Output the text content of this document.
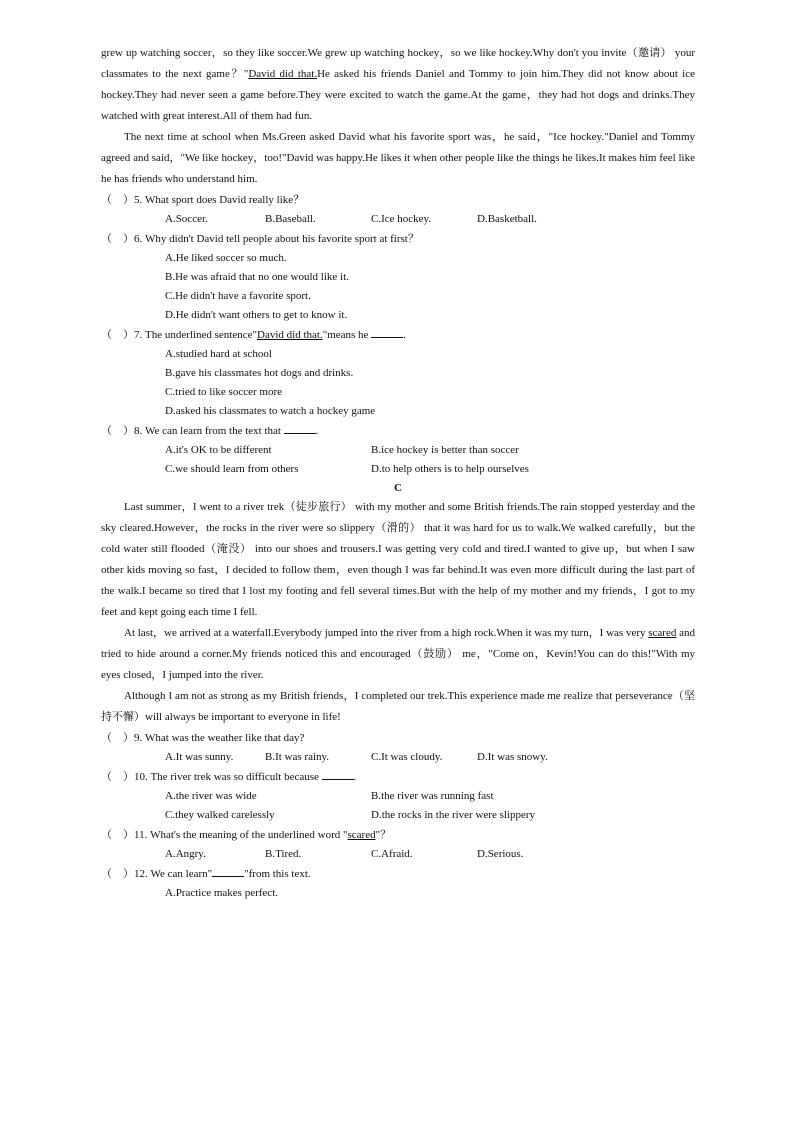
grew up watching soccer，so they like soccer.We grew up watching hockey，so we like hockey.Why don't you invite（邀请） your classmates to the next game？"David did that.He asked his friends Daniel and Tommy to join him.They did not know about ice hockey.They had never seen a game before.They were excited to watch the game.At the game，they had hot dogs and drinks.They watched with great interest.All of them had fun.

The next time at school when Ms.Green asked David what his favorite sport was，he said，"Ice hockey."Daniel and Tommy agreed and said，"We like hockey，too!"David was happy.He likes it when other people like the things he likes.It makes him feel like he has friends who understand him.

（　）5. What sport does David really like？

A.Soccer.	B.Baseball.	C.Ice hockey.	D.Basketball.

（　）6. Why didn't David tell people about his favorite sport at first？

A.He liked soccer so much.

B.He was afraid that no one would like it.

C.He didn't have a favorite sport.

D.He didn't want others to get to know it.

（　）7. The underlined sentence"David did that."means he	.

A.studied hard at school

B.gave his classmates hot dogs and drinks.

C.tried to like soccer more

D.asked his classmates to watch a hockey game

（　）8. We can learn from the text that	.

A.it's OK to be different	B.ice hockey is better than soccer
C.we should learn from others	D.to help others is to help ourselves

C

Last summer，I went to a river trek（徒步旅行） with my mother and some British friends.The rain stopped yesterday and the sky cleared.However，the rocks in the river were so slippery（滑的） that it was hard for us to walk.We walked carefully，but the cold water still flooded（淹没） into our shoes and trousers.I was getting very cold and tired.I wanted to give up，but when I saw other kids moving so fast，I decided to follow them，even though I was far behind.It was even more difficult during the last part of the walk.I became so tired that I lost my footing and fell several times.But with the help of my mother and my friends，I got to my feet and kept going each time I fell.

At last，we arrived at a waterfall.Everybody jumped into the river from a high rock.When it was my turn，I was very scared and tried to hide around a corner.My friends noticed this and encouraged（鼓励） me，"Come on，Kevin!You can do this!"With my eyes closed，I jumped into the river.

Although I am not as strong as my British friends，I completed our trek.This experience made me realize that perseverance（坚持不懈）will always be important to everyone in life!

（　）9. What was the weather like that day?

A.It was sunny.	B.It was rainy.	C.It was cloudy.	D.It was snowy.

（　）10. The river trek was so difficult because	.

A.the river was wide	B.the river was running fast
C.they walked carelessly	D.the rocks in the river were slippery

（　）11. What's the meaning of the underlined word "scared"？

A.Angry.	B.Tired.	C.Afraid.	D.Serious.

（　）12. We can learn"	"from this text.

A.Practice makes perfect.
